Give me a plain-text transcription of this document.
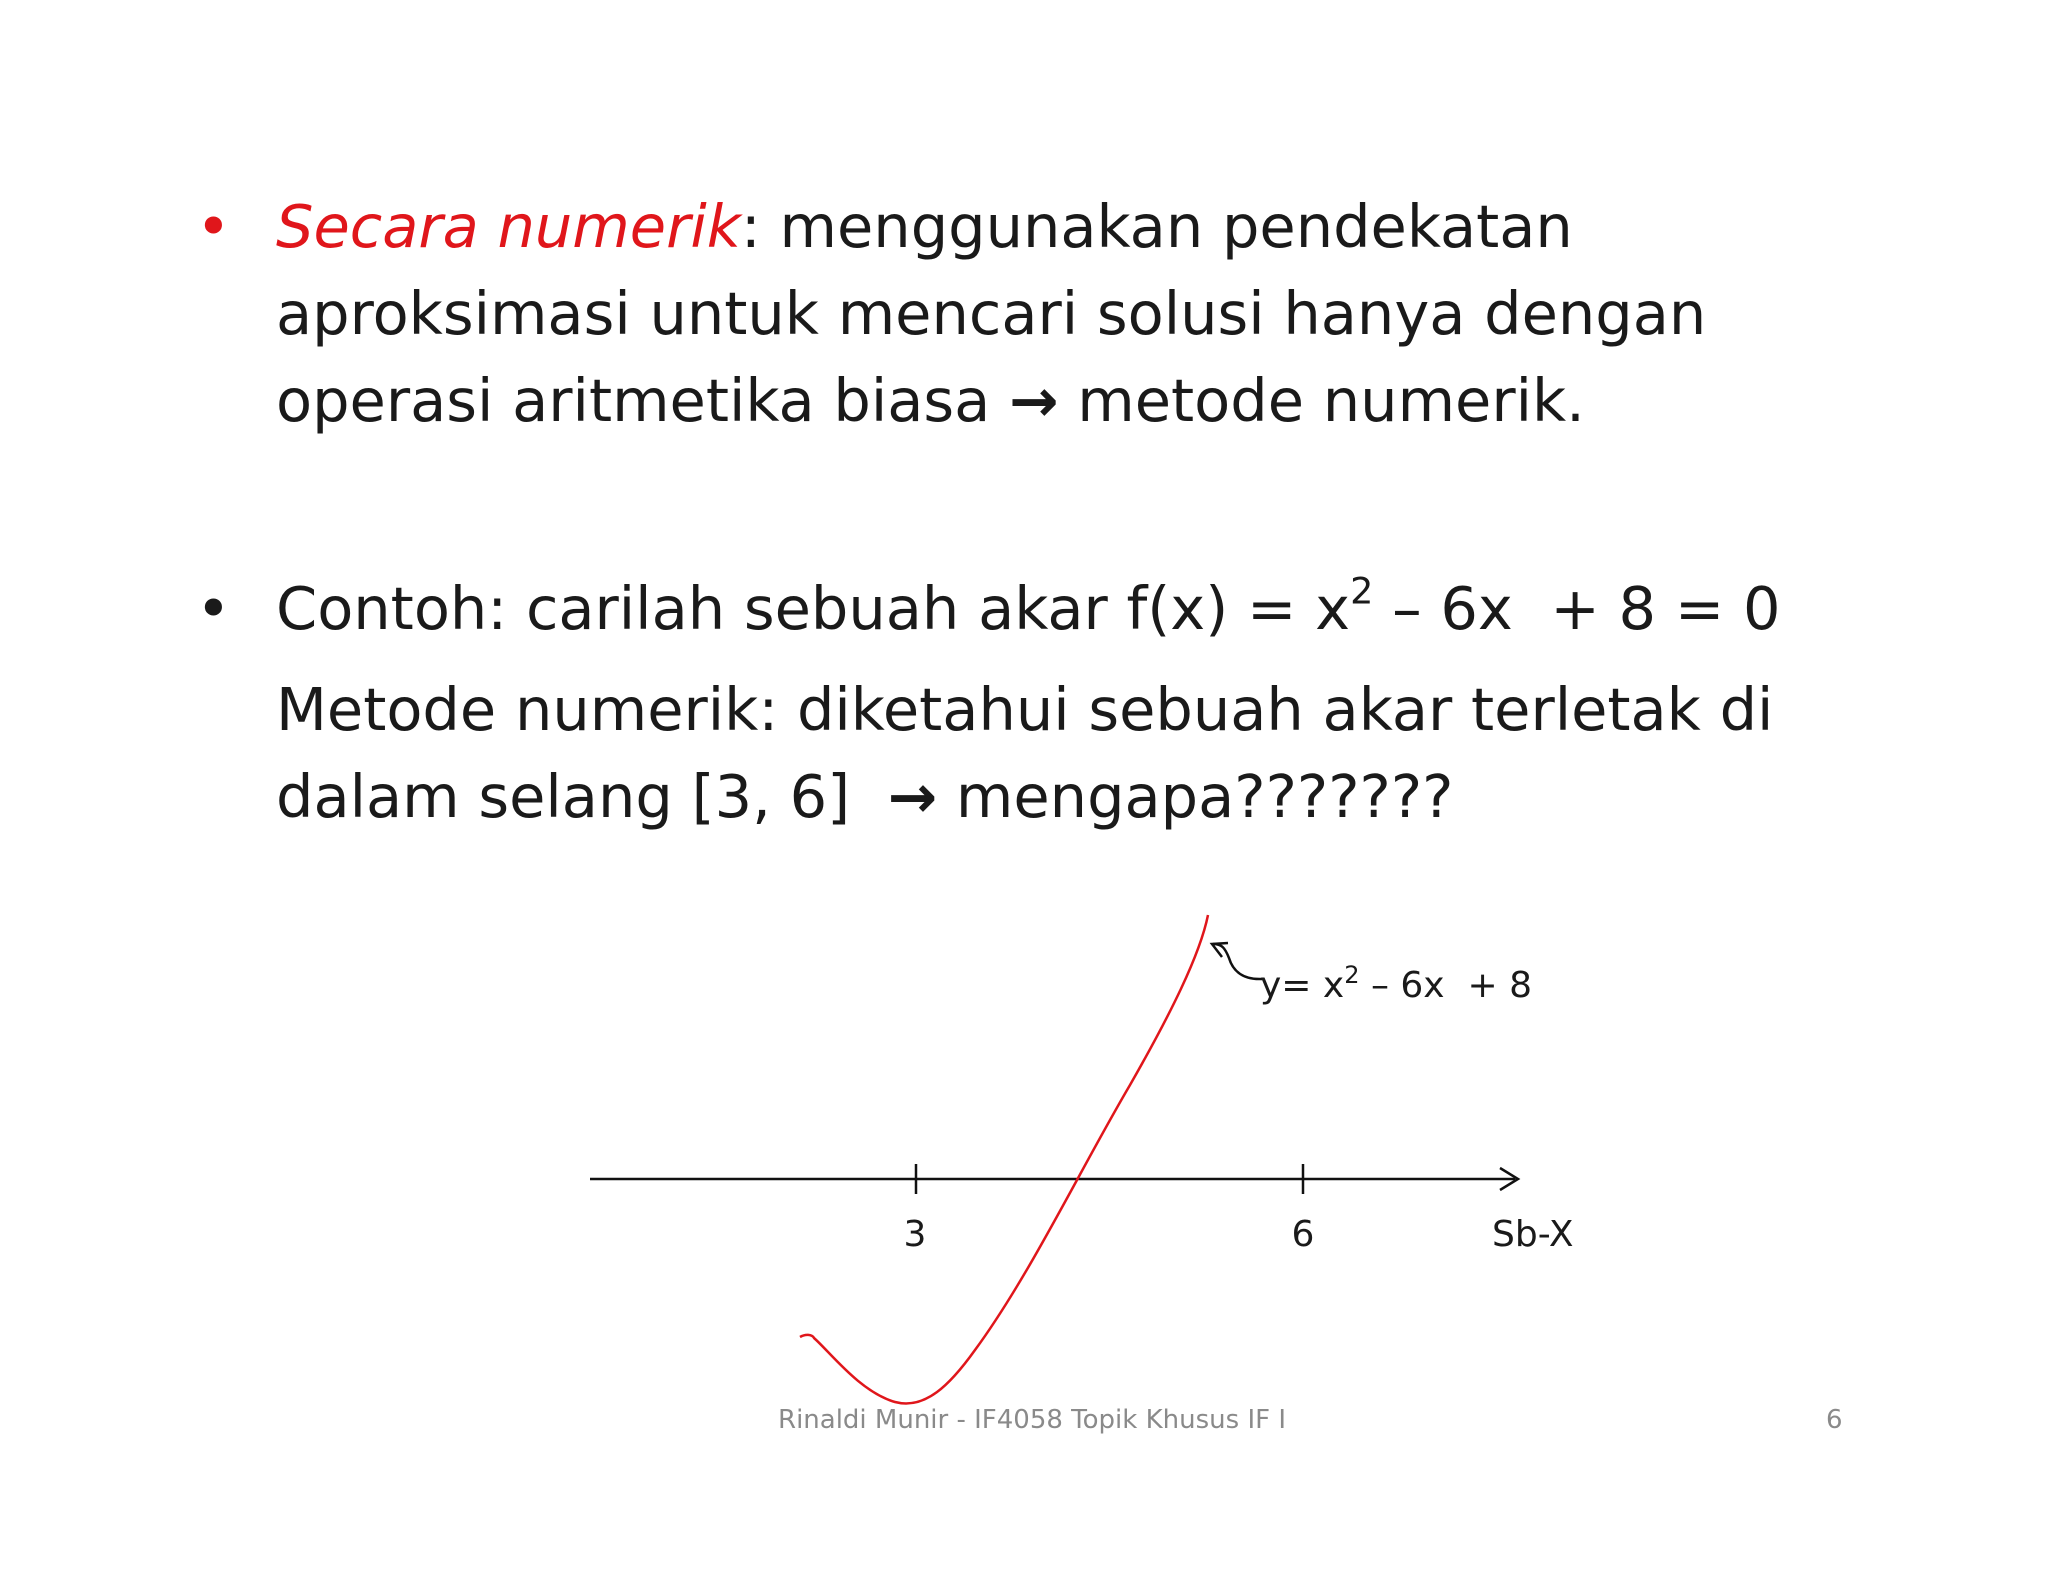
• Secara numerik: menggunakan pendekatan
aproksimasi untuk mencari solusi hanya dengan
operasi aritmetika biasa → metode numerik.
• Contoh: carilah sebuah akar $f(x) = x^2 - 6x + 8 = 0$
Metode numerik: diketahui sebuah akar terletak di
dalam selang [3, 6] → mengapa???????
3	6	Sb-X
$y= x^2 - 6x + 8$
Rinaldi Munir - IF4058 Topik Khusus IF I	6
